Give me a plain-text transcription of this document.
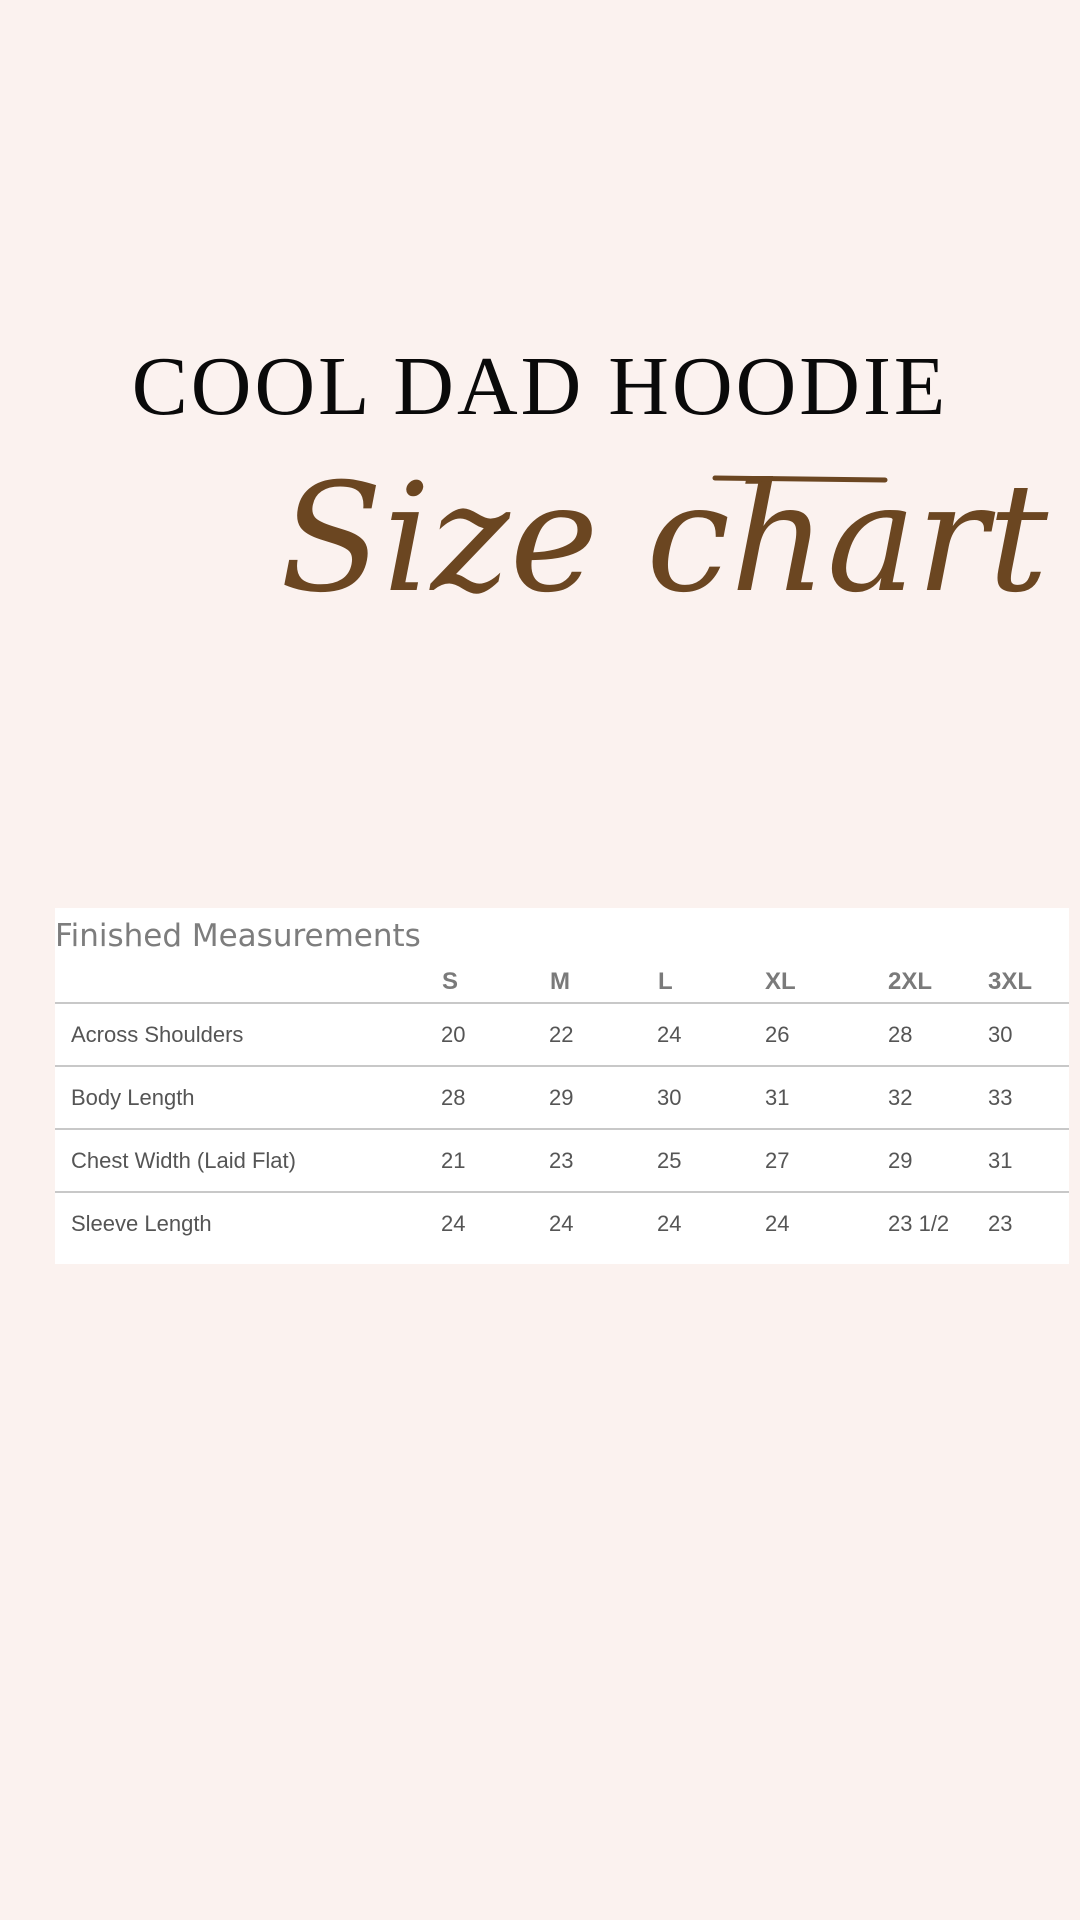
COOL DAD HOODIE
Size chart
Finished Measurements
S	M	L	XL	2XL 3XL
Across Shoulders	20	22	24	26	28	30
Body Length	28	29	30	31	32	33
Chest Width (Laid Flat)	21	23	25	27	29	31
Sleeve Length	24	24	24	24	23 1/2 23
